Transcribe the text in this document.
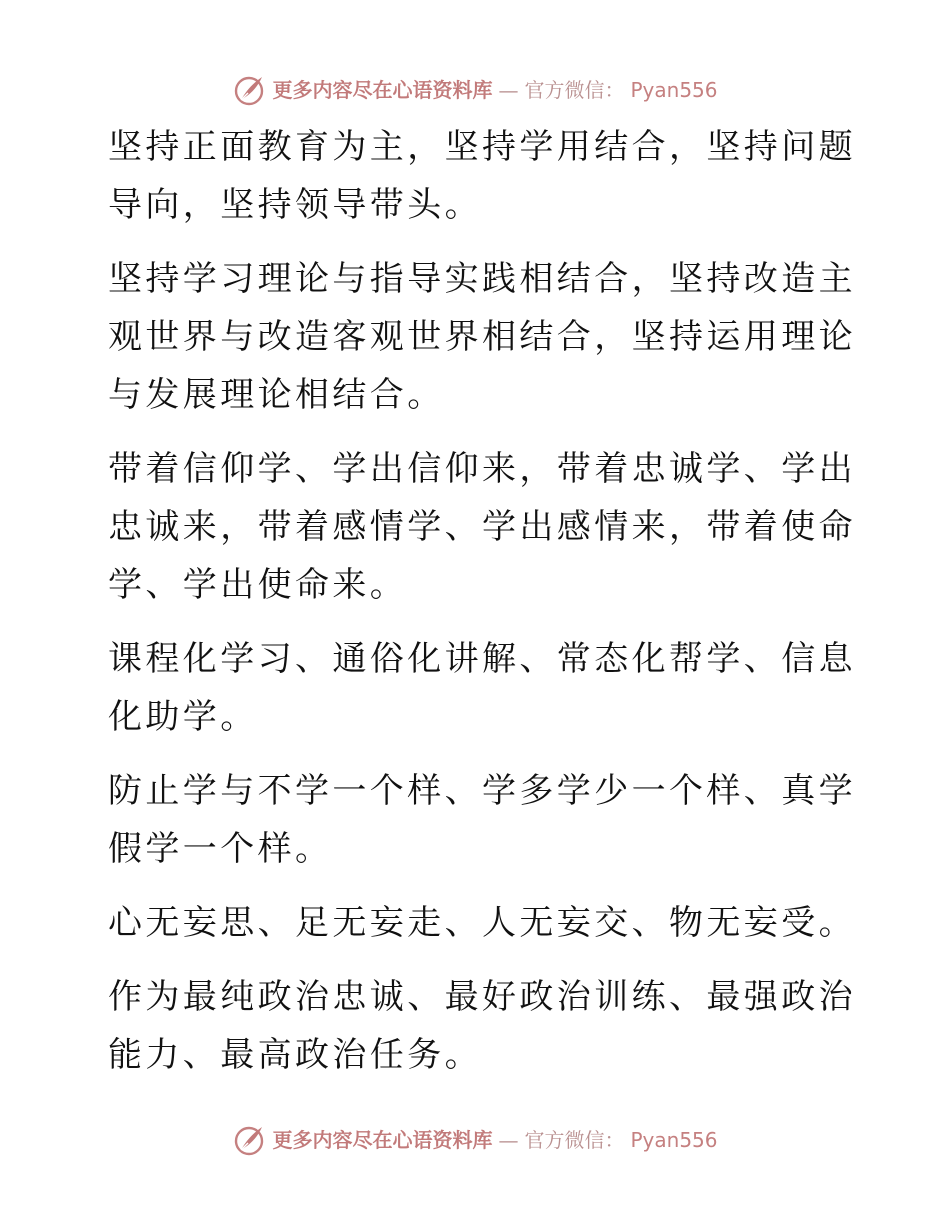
更多内容尽在心语资料库 — 官方微信： Pyan556

坚持正面教育为主，坚持学用结合，坚持问题导向，坚持领导带头。

坚持学习理论与指导实践相结合，坚持改造主观世界与改造客观世界相结合，坚持运用理论与发展理论相结合。

带着信仰学、学出信仰来，带着忠诚学、学出忠诚来，带着感情学、学出感情来，带着使命学、学出使命来。

课程化学习、通俗化讲解、常态化帮学、信息化助学。

防止学与不学一个样、学多学少一个样、真学假学一个样。

心无妄思、足无妄走、人无妄交、物无妄受。

作为最纯政治忠诚、最好政治训练、最强政治能力、最高政治任务。

更多内容尽在心语资料库 — 官方微信： Pyan556
